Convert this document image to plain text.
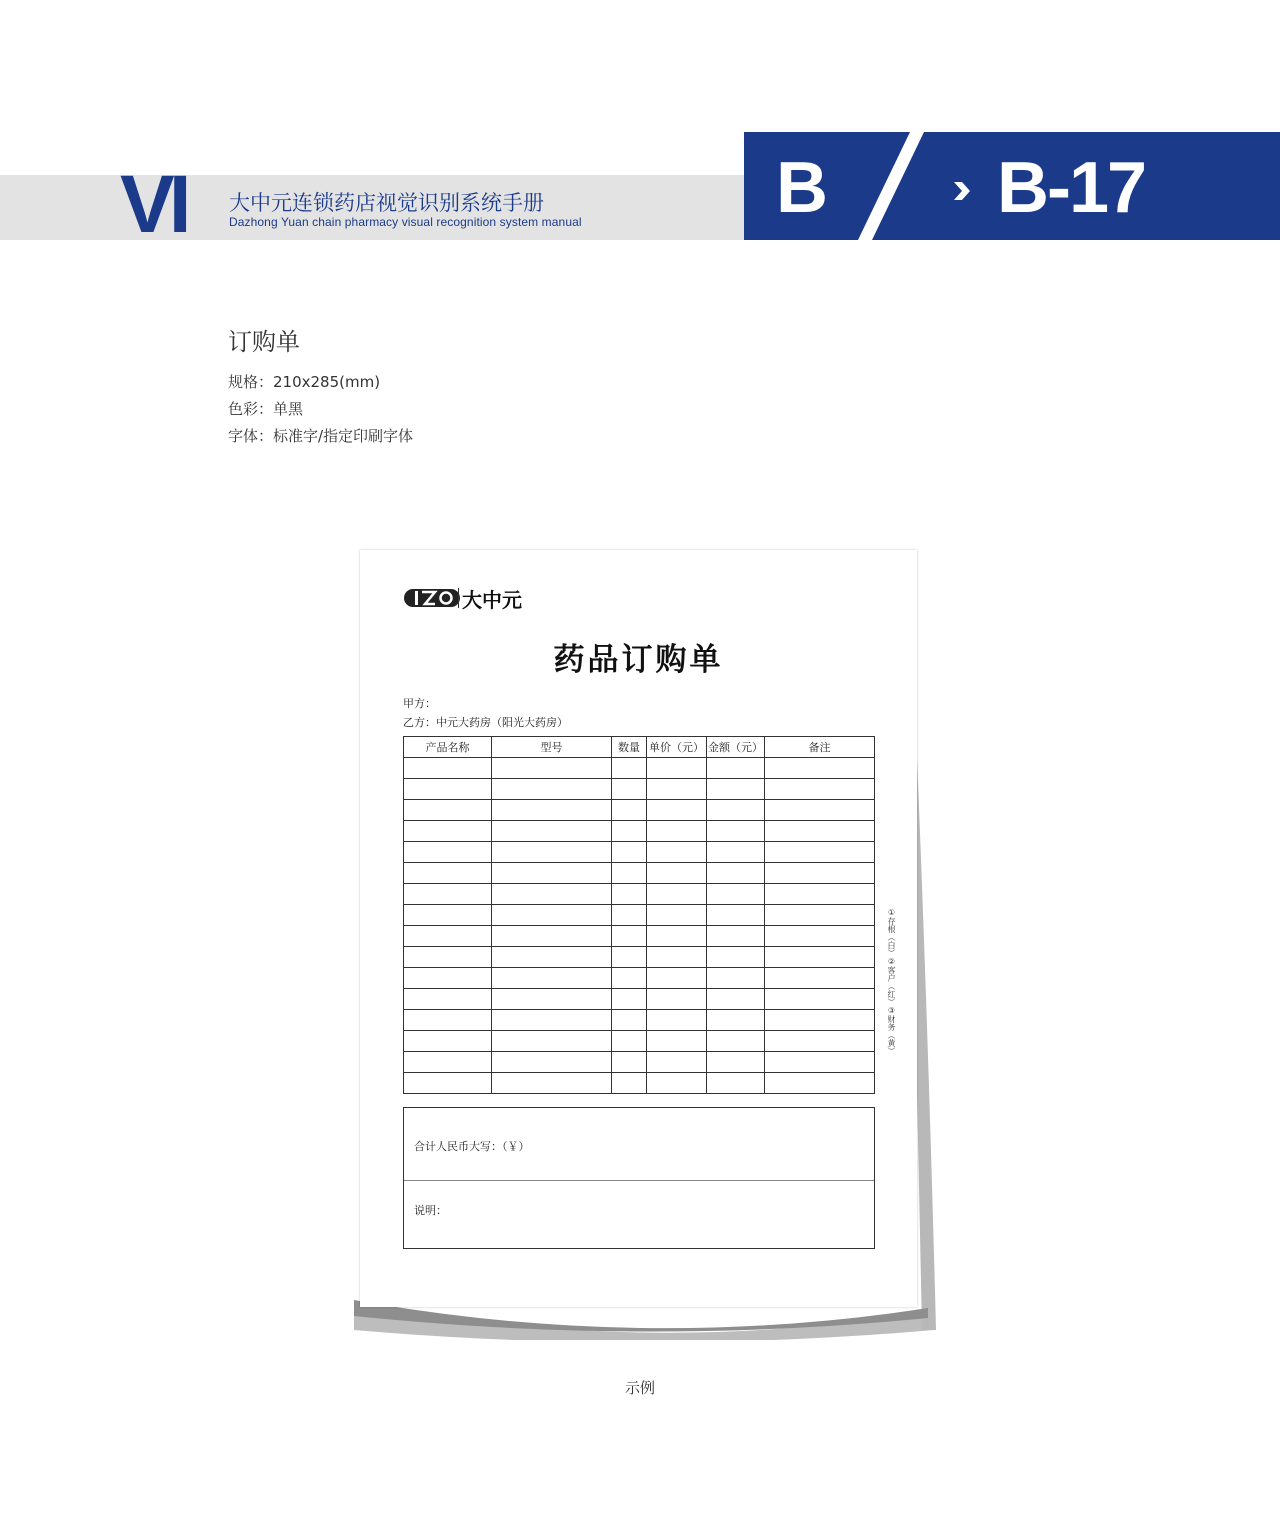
VI	大中元连锁药店视觉识别系统手册
Dazhong Yuan chain pharmacy visual recognition system manual	B B-17
订购单
规格：210x285(mm)
色彩：单黑
字体：标准字/指定印刷字体
大中元
药品订购单
甲方：
乙方：中元大药房（阳光大药房）
产品名称	型号	数量	单价（元）	金额（元）	备注

①存根（白）②客户（红）③财务（黄）
合计人民币大写：（￥）
说明：
示例
